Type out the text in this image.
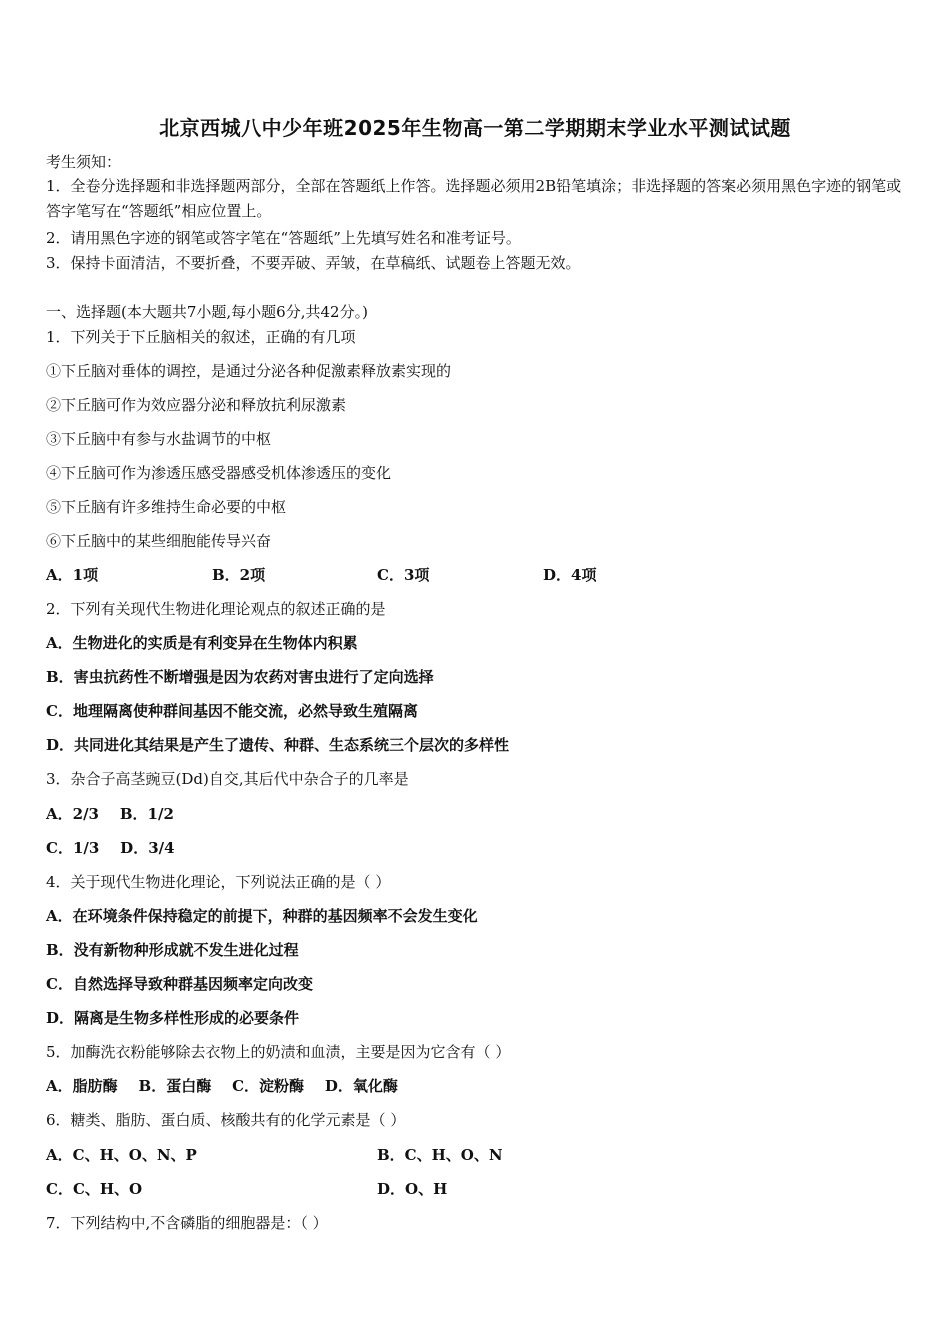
北京西城八中少年班2025年生物高一第二学期期末学业水平测试试题
考生须知：
1．全卷分选择题和非选择题两部分，全部在答题纸上作答。选择题必须用2B铅笔填涂；非选择题的答案必须用黑色字迹的钢笔或答字笔写在“答题纸”相应位置上。
2．请用黑色字迹的钢笔或答字笔在“答题纸”上先填写姓名和准考证号。
3．保持卡面清洁，不要折叠，不要弄破、弄皱，在草稿纸、试题卷上答题无效。
一、选择题(本大题共7小题,每小题6分,共42分。)
1．下列关于下丘脑相关的叙述，正确的有几项
①下丘脑对垂体的调控，是通过分泌各种促激素释放素实现的
②下丘脑可作为效应器分泌和释放抗利尿激素
③下丘脑中有参与水盐调节的中枢
④下丘脑可作为渗透压感受器感受机体渗透压的变化
⑤下丘脑有许多维持生命必要的中枢
⑥下丘脑中的某些细胞能传导兴奋
A．1项	B．2项	C．3项	D．4项
2．下列有关现代生物进化理论观点的叙述正确的是
A．生物进化的实质是有利变异在生物体内积累
B．害虫抗药性不断增强是因为农药对害虫进行了定向选择
C．地理隔离使种群间基因不能交流，必然导致生殖隔离
D．共同进化其结果是产生了遗传、种群、生态系统三个层次的多样性
3．杂合子高茎豌豆(Dd)自交,其后代中杂合子的几率是
A．2/3    B．1/2
C．1/3    D．3/4
4．关于现代生物进化理论，下列说法正确的是（ ）
A．在环境条件保持稳定的前提下，种群的基因频率不会发生变化
B．没有新物种形成就不发生进化过程
C．自然选择导致种群基因频率定向改变
D．隔离是生物多样性形成的必要条件
5．加酶洗衣粉能够除去衣物上的奶渍和血渍，主要是因为它含有（ ）
A．脂肪酶    B．蛋白酶    C．淀粉酶    D．氧化酶
6．糖类、脂肪、蛋白质、核酸共有的化学元素是（ ）
A．C、H、O、N、P	B．C、H、O、N
C．C、H、O	D．O、H
7．下列结构中,不含磷脂的细胞器是：（ ）
